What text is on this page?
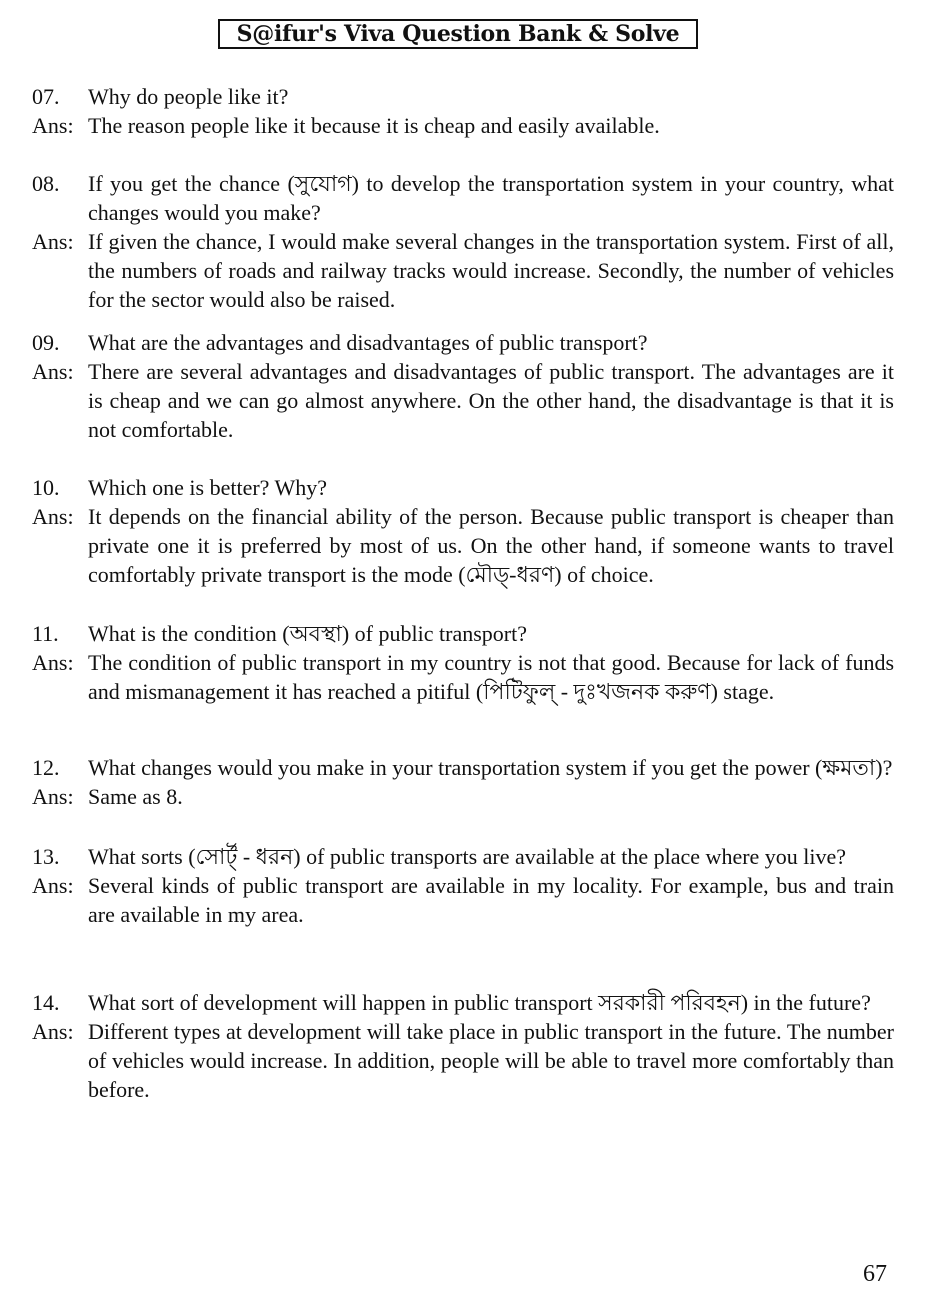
S@ifur's Viva Question Bank & Solve
07.	Why do people like it?
Ans: The reason people like it because it is cheap and easily available.
08.	If you get the chance (সুযোগ) to develop the transportation system in your country, what changes would you make?
Ans: If given the chance, I would make several changes in the transportation system. First of all, the numbers of roads and railway tracks would increase. Secondly, the number of vehicles for the sector would also be raised.
09.	What are the advantages and disadvantages of public transport?
Ans: There are several advantages and disadvantages of public transport. The advantages are it is cheap and we can go almost anywhere. On the other hand, the disadvantage is that it is not comfortable.
10.	Which one is better? Why?
Ans: It depends on the financial ability of the person. Because public transport is cheaper than private one it is preferred by most of us. On the other hand, if someone wants to travel comfortably private transport is the mode (মৌড্-ধরণ) of choice.
11.	What is the condition (অবস্থা) of public transport?
Ans: The condition of public transport in my country is not that good. Because for lack of funds and mismanagement it has reached a pitiful (পিটিফুল্ - দুঃখজনক করুণ) stage.
12.	What changes would you make in your transportation system if you get the power (ক্ষমতা)?
Ans: Same as 8.
13.	What sorts (সোর্ট্ - ধরন) of public transports are available at the place where you live?
Ans: Several kinds of public transport are available in my locality. For example, bus and train are available in my area.
14.	What sort of development will happen in public transport সরকারী পরিবহন) in the future?
Ans: Different types at development will take place in public transport in the future. The number of vehicles would increase. In addition, people will be able to travel more comfortably than before.
67
